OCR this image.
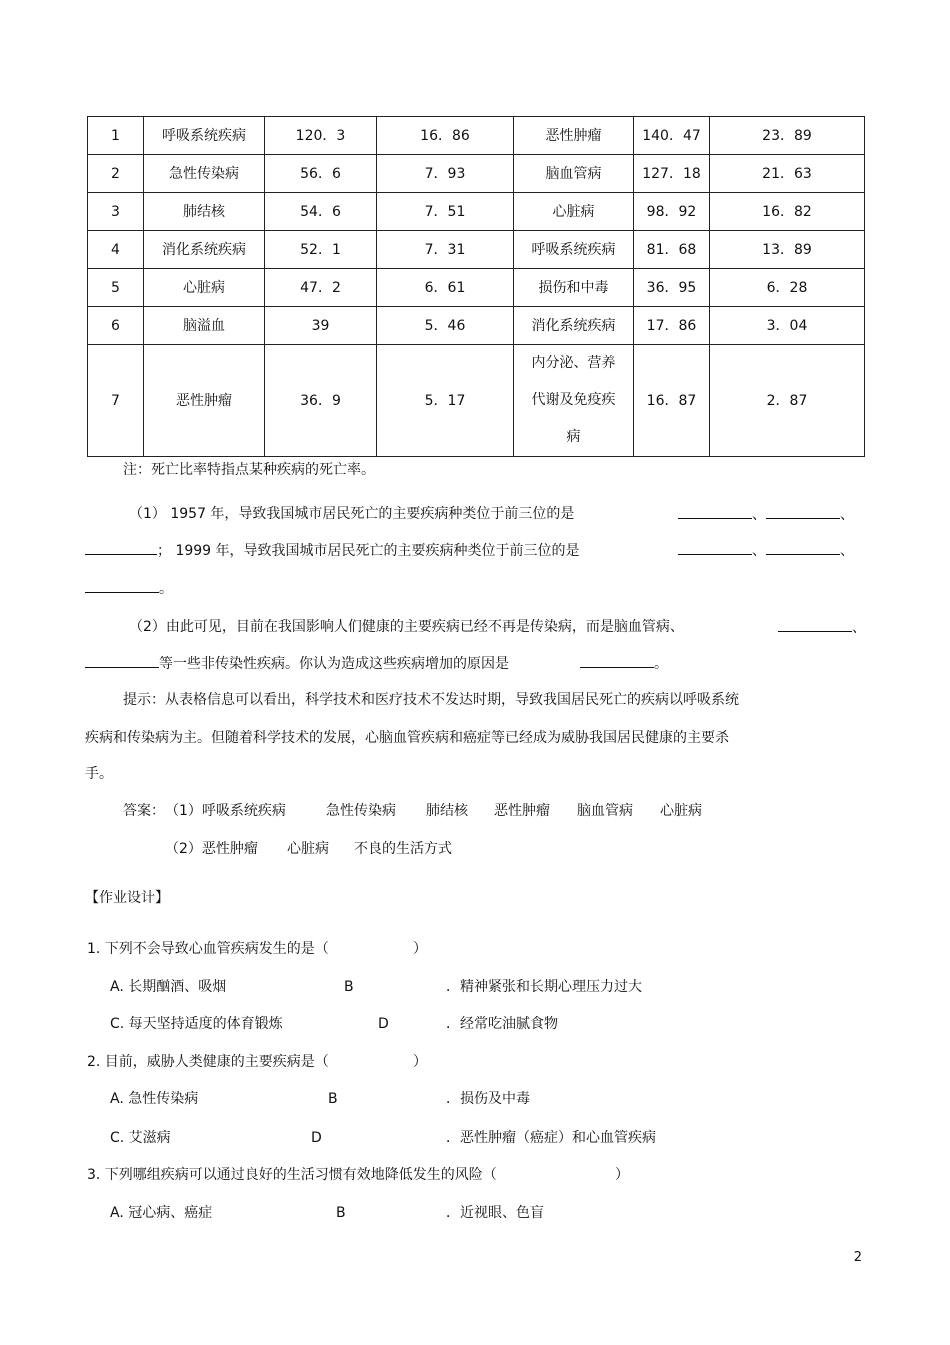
1	呼吸系统疾病	120．3	16．86	恶性肿瘤	140．47	23．89
2	急性传染病	56．6	7．93	脑血管病	127．18	21．63
3	肺结核	54．6	7．51	心脏病	98．92	16．82
4	消化系统疾病	52．1	7．31	呼吸系统疾病	81．68	13．89
5	心脏病	47．2	6．61	损伤和中毒	36．95	6．28
6	脑溢血	39	5．46	消化系统疾病	17．86	3．04
7	恶性肿瘤	36．9	5．17	内分泌、营养
代谢及免疫疾
病	16．87	2．87
注：死亡比率特指点某种疾病的死亡率。
（1） 1957 年，导致我国城市居民死亡的主要疾病种类位于前三位的是	、	、
； 1999 年，导致我国城市居民死亡的主要疾病种类位于前三位的是	、	、
。
（2）由此可见，目前在我国影响人们健康的主要疾病已经不再是传染病，而是脑血管病、	、
等一些非传染性疾病。你认为造成这些疾病增加的原因是	。
提示：从表格信息可以看出，科学技术和医疗技术不发达时期，导致我国居民死亡的疾病以呼吸系统
疾病和传染病为主。但随着科学技术的发展，心脑血管疾病和癌症等已经成为威胁我国居民健康的主要杀
手。
答案： （1）呼吸系统疾病	急性传染病 肺结核 恶性肿瘤 脑血管病 心脏病
（2）恶性肿瘤 心脏病 不良的生活方式
【作业设计】
1. 下列不会导致心血管疾病发生的是（	）
A. 长期酗酒、吸烟	B	．精神紧张和长期心理压力过大
C. 每天坚持适度的体育锻炼	D	．经常吃油腻食物
2. 目前，威胁人类健康的主要疾病是（	）
A. 急性传染病	B	．损伤及中毒
C. 艾滋病	D	．恶性肿瘤（癌症）和心血管疾病
3. 下列哪组疾病可以通过良好的生活习惯有效地降低发生的风险（	）
A. 冠心病、癌症	B	．近视眼、色盲
2
